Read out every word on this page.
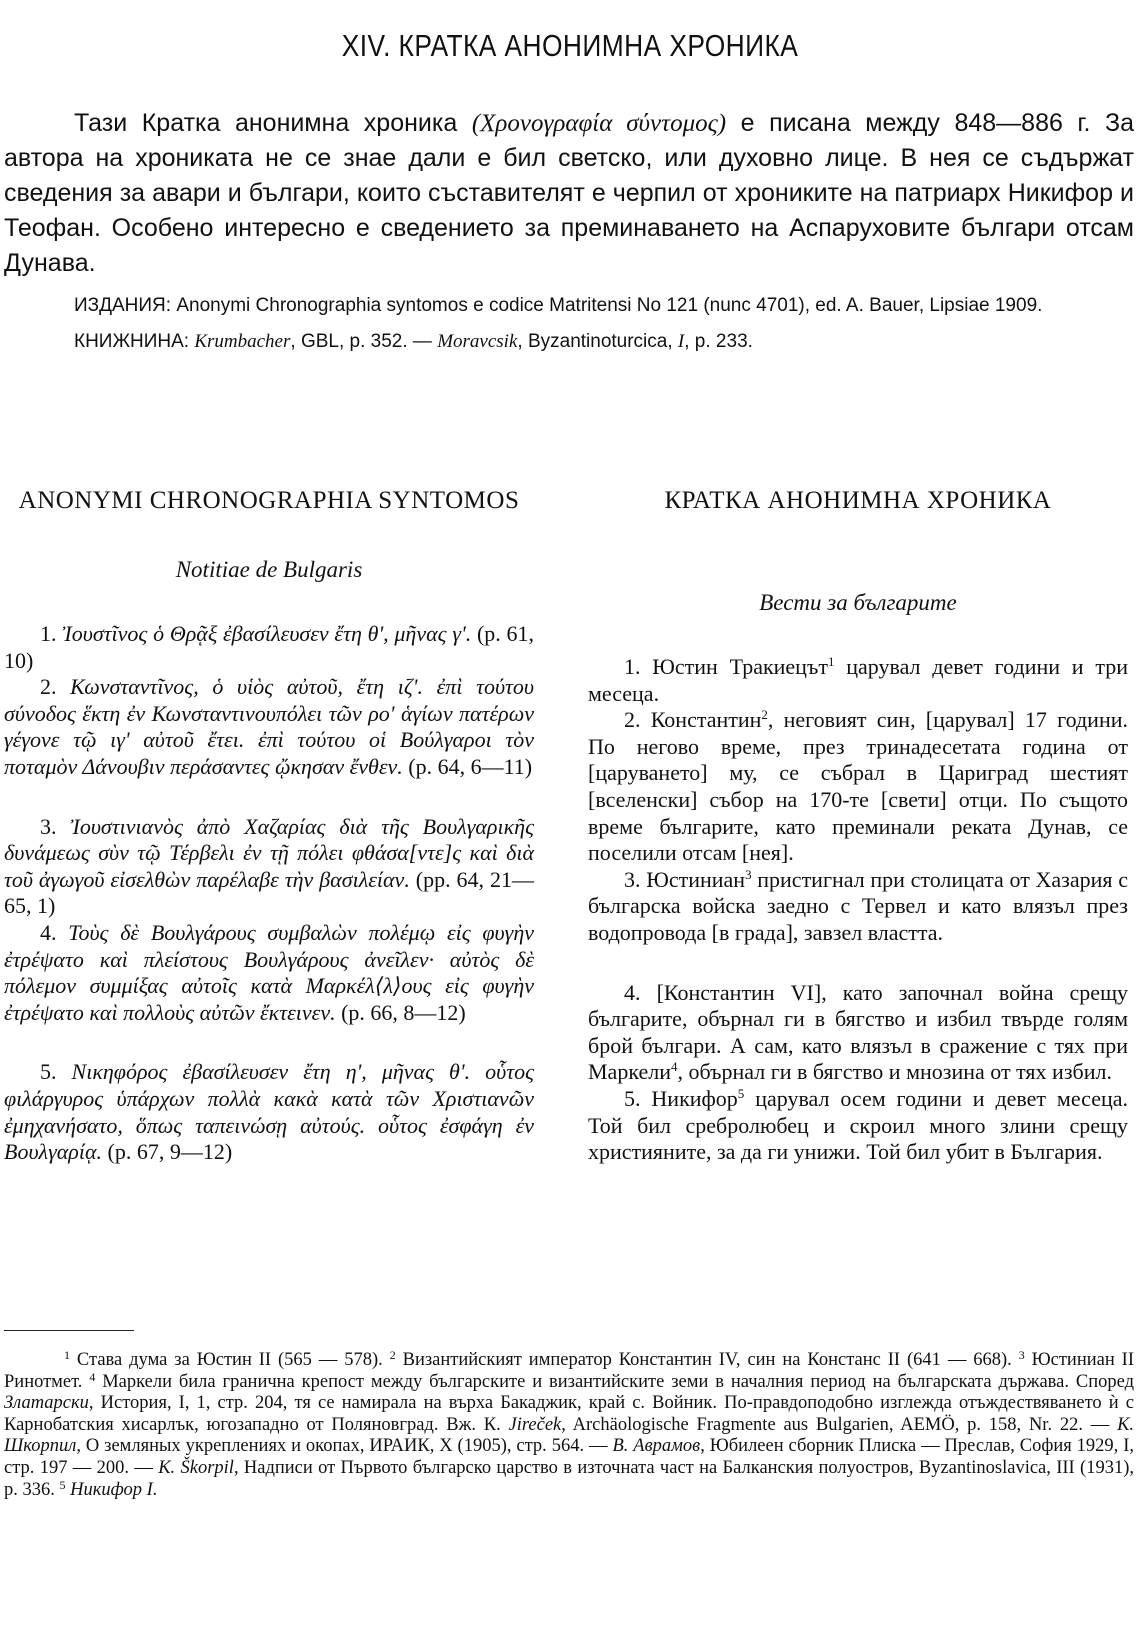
XIV. КРАТКА АНОНИМНА ХРОНИКА

Тази Кратка анонимна хроника (Χρονογραφία σύντομος) е писана между 848—886 г. За автора на хрониката не се знае дали е бил светско, или духовно лице. В нея се съдържат сведения за авари и българи, които съставителят е черпил от хрониките на патриарх Никифор и Теофан. Особено интересно е сведението за преминаването на Аспаруховите българи отсам Дунава.

ИЗДАНИЯ: Anonymi Chronographia syntomos e codice Matritensi No 121 (nunc 4701), ed. A. Bauer, Lipsiae 1909.

КНИЖНИНА: Krumbacher, GBL, p. 352. — Moravcsik, Byzantinoturcica, I, p. 233.

ANONYMI CHRONOGRAPHIA SYNTOMOS
Notitiae de Bulgaris

1. Ἰουστῖνος ὁ Θρᾷξ ἐβασίλευσεν ἔτη θ', μῆνας γ'. (p. 61, 10)

2. Κωνσταντῖνος, ὁ υἱὸς αὐτοῦ, ἔτη ιζ'. ἐπὶ τούτου σύνοδος ἕκτη ἐν Κωνσταντινουπόλει τῶν ρο' ἁγίων πατέρων γέγονε τῷ ιγ' αὐτοῦ ἔτει. ἐπὶ τούτου οἱ Βούλγαροι τὸν ποταμὸν Δάνουβιν περάσαντες ᾤκησαν ἔνθεν. (p. 64, 6—11)

3. Ἰουστινιανὸς ἀπὸ Χαζαρίας διὰ τῆς Βουλγαρικῆς δυνάμεως σὺν τῷ Τέρβελι ἐν τῇ πόλει φθάσα[ντε]ς καὶ διὰ τοῦ ἀγωγοῦ εἰσελθὼν παρέλαβε τὴν βασιλείαν. (pp. 64, 21—65, 1)

4. Τοὺς δὲ Βουλγάρους συμβαλὼν πολέμῳ εἰς φυγὴν ἐτρέψατο καὶ πλείστους Βουλγάρους ἀνεῖλεν· αὐτὸς δὲ πόλεμον συμμίξας αὐτοῖς κατὰ Μαρκέλ⟨λ⟩ους εἰς φυγὴν ἐτρέψατο καὶ πολλοὺς αὐτῶν ἔκτεινεν. (p. 66, 8—12)

5. Νικηφόρος ἐβασίλευσεν ἔτη η', μῆνας θ'. οὗτος φιλάργυρος ὑπάρχων πολλὰ κακὰ κατὰ τῶν Χριστιανῶν ἐμηχανήσατο, ὅπως ταπεινώσῃ αὐτούς. οὗτος ἐσφάγη ἐν Βουλγαρίᾳ. (p. 67, 9—12)

КРАТКА АНОНИМНА ХРОНИКА
Вести за българите

1. Юстин Тракиецът$^1$ царувал девет години и три месеца.

2. Константин$^2$, неговият син, [царувал] 17 години. По негово време, през тринадесетата година от [царуването] му, се събрал в Цариград шестият [вселенски] събор на 170-те [свети] отци. По същото време българите, като преминали реката Дунав, се поселили отсам [нея].

3. Юстиниан$^3$ пристигнал при столицата от Хазария с българска войска заедно с Тервел и като влязъл през водопровода [в града], завзел властта.

4. [Константин VI], като започнал война срещу българите, обърнал ги в бягство и избил твърде голям брой българи. А сам, като влязъл в сражение с тях при Маркели$^4$, обърнал ги в бягство и мнозина от тях избил.

5. Никифор$^5$ царувал осем години и девет месеца. Той бил сребролюбец и скроил много злини срещу християните, за да ги унижи. Той бил убит в България.

$^1$ Става дума за Юстин II (565 — 578). $^2$ Византийският император Константин IV, син на Констанс II (641 — 668). $^3$ Юстиниан II Ринотмет. $^4$ Маркели била гранична крепост между българските и византийските земи в началния период на българската държава. Според Златарски, История, I, 1, стр. 204, тя се намирала на върха Бакаджик, край с. Войник. По-правдоподобно изглежда отъждествяването ѝ с Карнобатския хисарлък, югозападно от Поляновград. Вж. К. Jireček, Archäologische Fragmente aus Bulgarien, AEMÖ, p. 158, Nr. 22. — К. Шкорпил, О земляных укрепленияx и окопах, ИРАИК, X (1905), стр. 564. — В. Аврамов, Юбилеен сборник Плиска — Преслав, София 1929, I, стр. 197 — 200. — K. Škorpil, Надписи от Първото българско царство в източната част на Балканския полуостров, Byzantinoslavica, III (1931), p. 336. $^5$ Никифор I.
